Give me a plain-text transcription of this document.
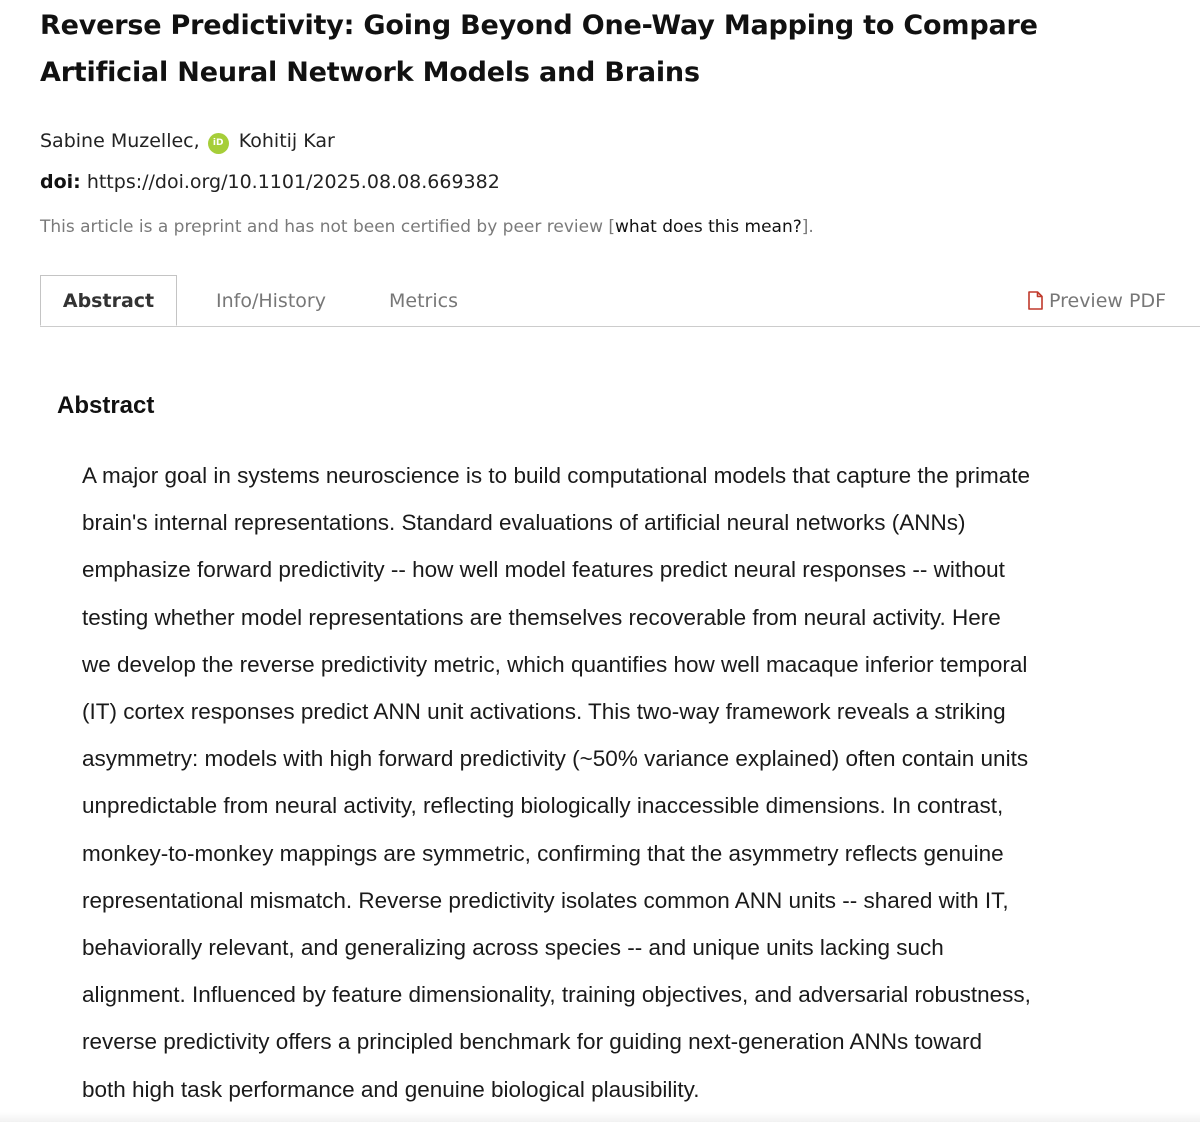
Reverse Predictivity: Going Beyond One-Way Mapping to Compare
Artificial Neural Network Models and Brains
Sabine Muzellec, iD Kohitij Kar
doi: https://doi.org/10.1101/2025.08.08.669382
This article is a preprint and has not been certified by peer review [what does this mean?].
Abstract	Info/History	Metrics	Preview PDF
Abstract

A major goal in systems neuroscience is to build computational models that capture the primate
brain's internal representations. Standard evaluations of artificial neural networks (ANNs)
emphasize forward predictivity -- how well model features predict neural responses -- without
testing whether model representations are themselves recoverable from neural activity. Here
we develop the reverse predictivity metric, which quantifies how well macaque inferior temporal
(IT) cortex responses predict ANN unit activations. This two-way framework reveals a striking
asymmetry: models with high forward predictivity (~50% variance explained) often contain units
unpredictable from neural activity, reflecting biologically inaccessible dimensions. In contrast,
monkey-to-monkey mappings are symmetric, confirming that the asymmetry reflects genuine
representational mismatch. Reverse predictivity isolates common ANN units -- shared with IT,
behaviorally relevant, and generalizing across species -- and unique units lacking such
alignment. Influenced by feature dimensionality, training objectives, and adversarial robustness,
reverse predictivity offers a principled benchmark for guiding next-generation ANNs toward
both high task performance and genuine biological plausibility.
